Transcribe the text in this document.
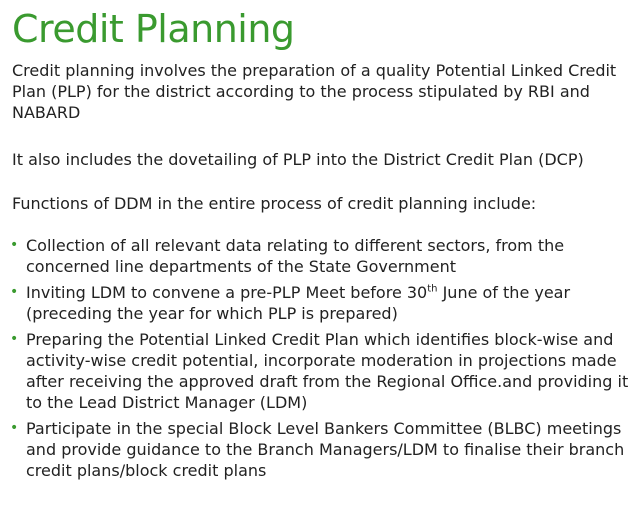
Credit Planning

Credit planning involves the preparation of a quality Potential Linked Credit Plan (PLP) for the district according to the process stipulated by RBI and NABARD

It also includes the dovetailing of PLP into the District Credit Plan (DCP)

Functions of DDM in the entire process of credit planning include:

• Collection of all relevant data relating to different sectors, from the concerned line departments of the State Government
• Inviting LDM to convene a pre-PLP Meet before 30th June of the year (preceding the year for which PLP is prepared)
• Preparing the Potential Linked Credit Plan which identifies block-wise and activity-wise credit potential, incorporate moderation in projections made after receiving the approved draft from the Regional Office.and providing it to the Lead District Manager (LDM)
• Participate in the special Block Level Bankers Committee (BLBC) meetings and provide guidance to the Branch Managers/LDM to finalise their branch credit plans/block credit plans
